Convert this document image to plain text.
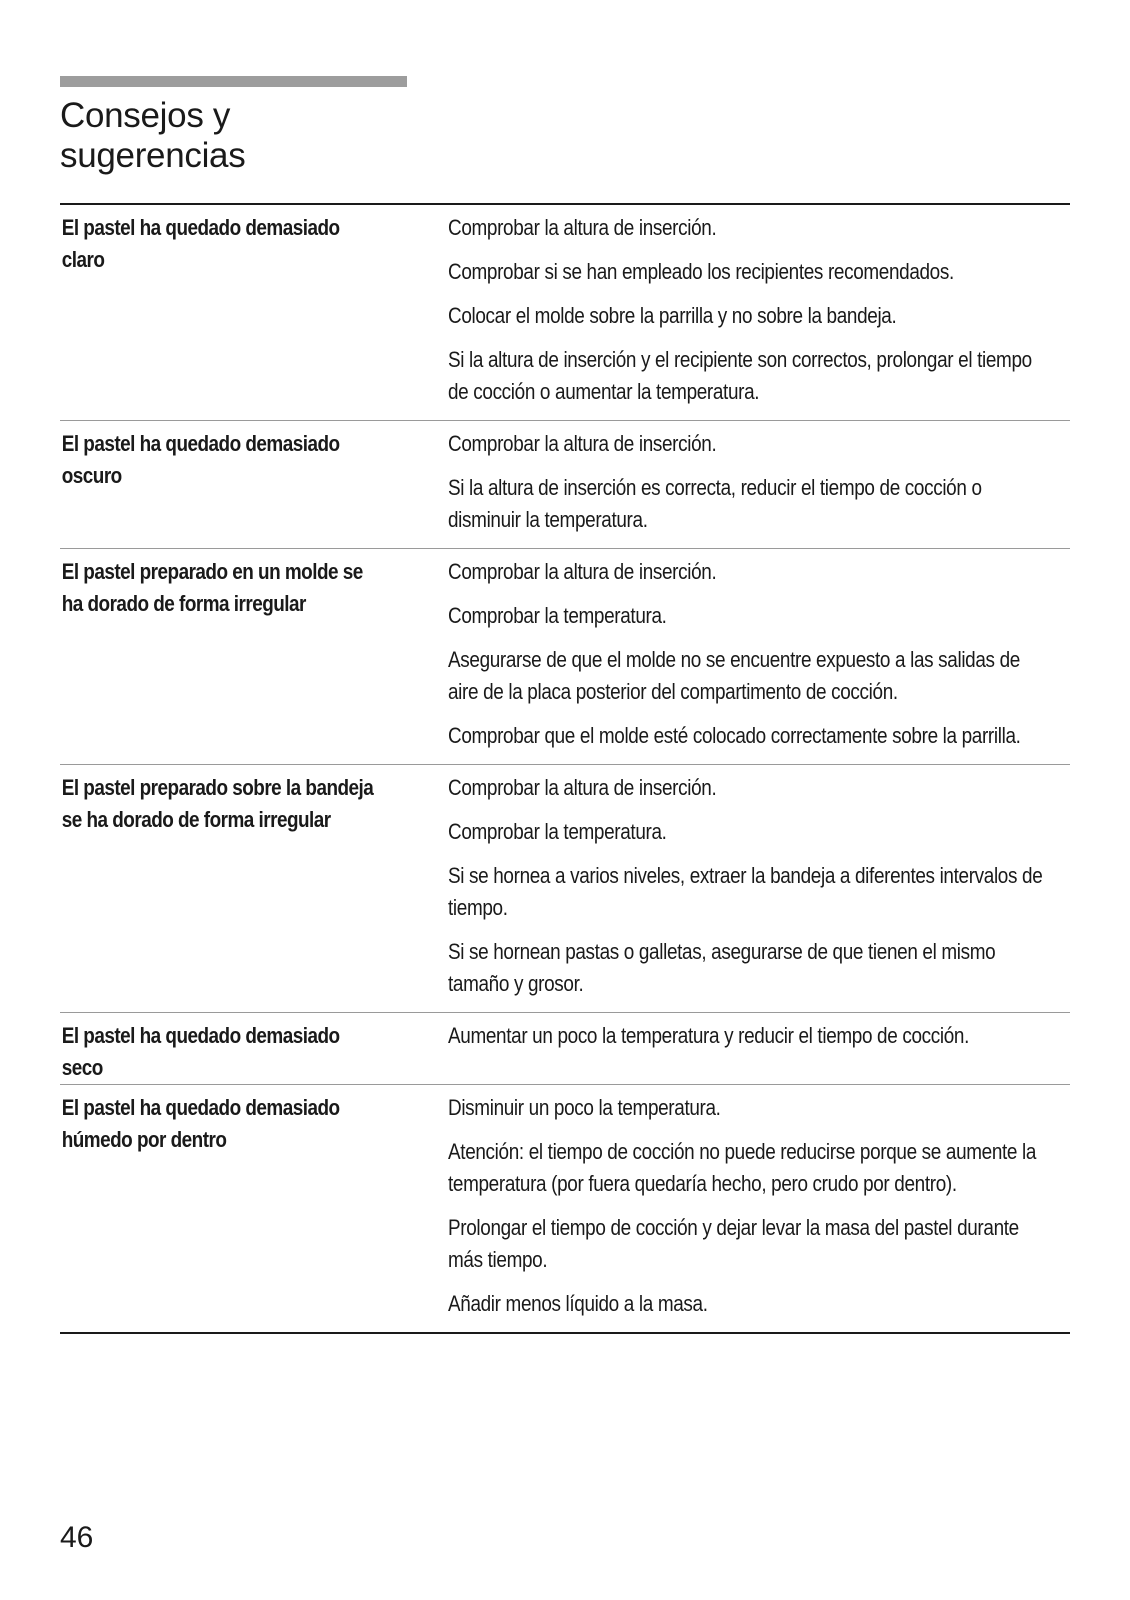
Consejos y
sugerencias
El pastel ha quedado demasiado
claro
Comprobar la altura de inserción.
Comprobar si se han empleado los recipientes recomendados.
Colocar el molde sobre la parrilla y no sobre la bandeja.
Si la altura de inserción y el recipiente son correctos, prolongar el tiempo de cocción o aumentar la temperatura.
El pastel ha quedado demasiado
oscuro
Comprobar la altura de inserción.
Si la altura de inserción es correcta, reducir el tiempo de cocción o disminuir la temperatura.
El pastel preparado en un molde se
ha dorado de forma irregular
Comprobar la altura de inserción.
Comprobar la temperatura.
Asegurarse de que el molde no se encuentre expuesto a las salidas de aire de la placa posterior del compartimento de cocción.
Comprobar que el molde esté colocado correctamente sobre la parrilla.
El pastel preparado sobre la bandeja
se ha dorado de forma irregular
Comprobar la altura de inserción.
Comprobar la temperatura.
Si se hornea a varios niveles, extraer la bandeja a diferentes intervalos de tiempo.
Si se hornean pastas o galletas, asegurarse de que tienen el mismo tamaño y grosor.
El pastel ha quedado demasiado
seco
Aumentar un poco la temperatura y reducir el tiempo de cocción.
El pastel ha quedado demasiado
húmedo por dentro
Disminuir un poco la temperatura.
Atención: el tiempo de cocción no puede reducirse porque se aumente la temperatura (por fuera quedaría hecho, pero crudo por dentro).
Prolongar el tiempo de cocción y dejar levar la masa del pastel durante más tiempo.
Añadir menos líquido a la masa.
46
